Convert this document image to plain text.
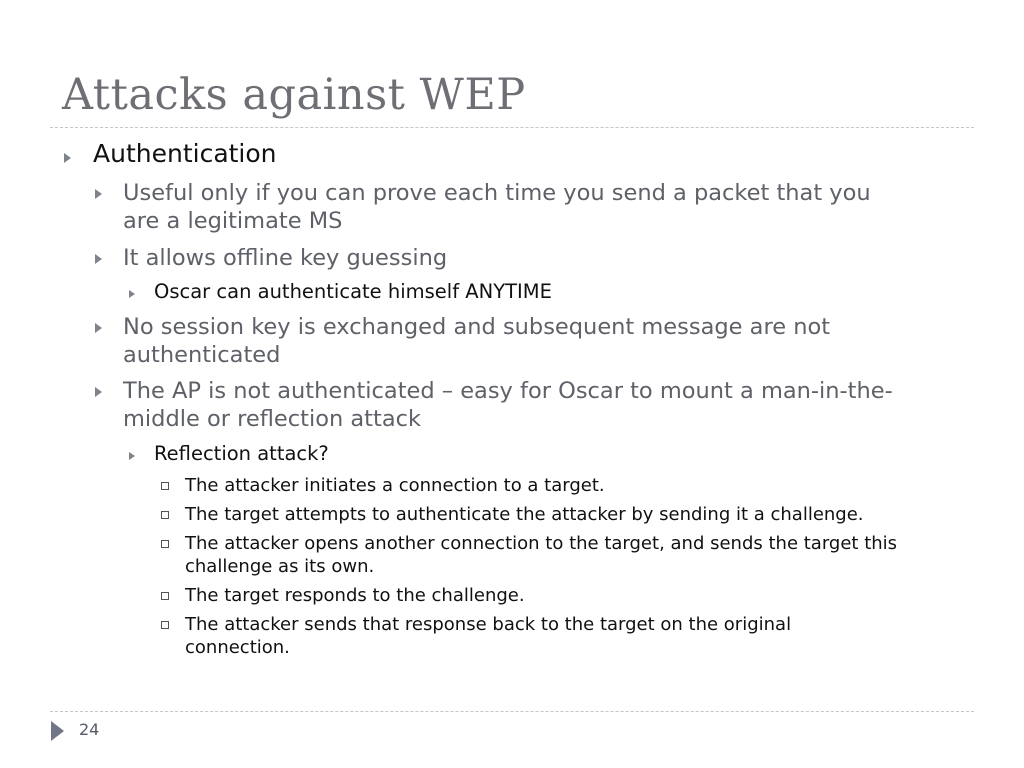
Attacks against WEP
Authentication
Useful only if you can prove each time you send a packet that you
are a legitimate MS
It allows offline key guessing
Oscar can authenticate himself ANYTIME
No session key is exchanged and subsequent message are not
authenticated
The AP is not authenticated – easy for Oscar to mount a man-in-the-
middle or reflection attack
Reflection attack?
The attacker initiates a connection to a target.
The target attempts to authenticate the attacker by sending it a challenge.
The attacker opens another connection to the target, and sends the target this
challenge as its own.
The target responds to the challenge.
The attacker sends that response back to the target on the original
connection.
24
